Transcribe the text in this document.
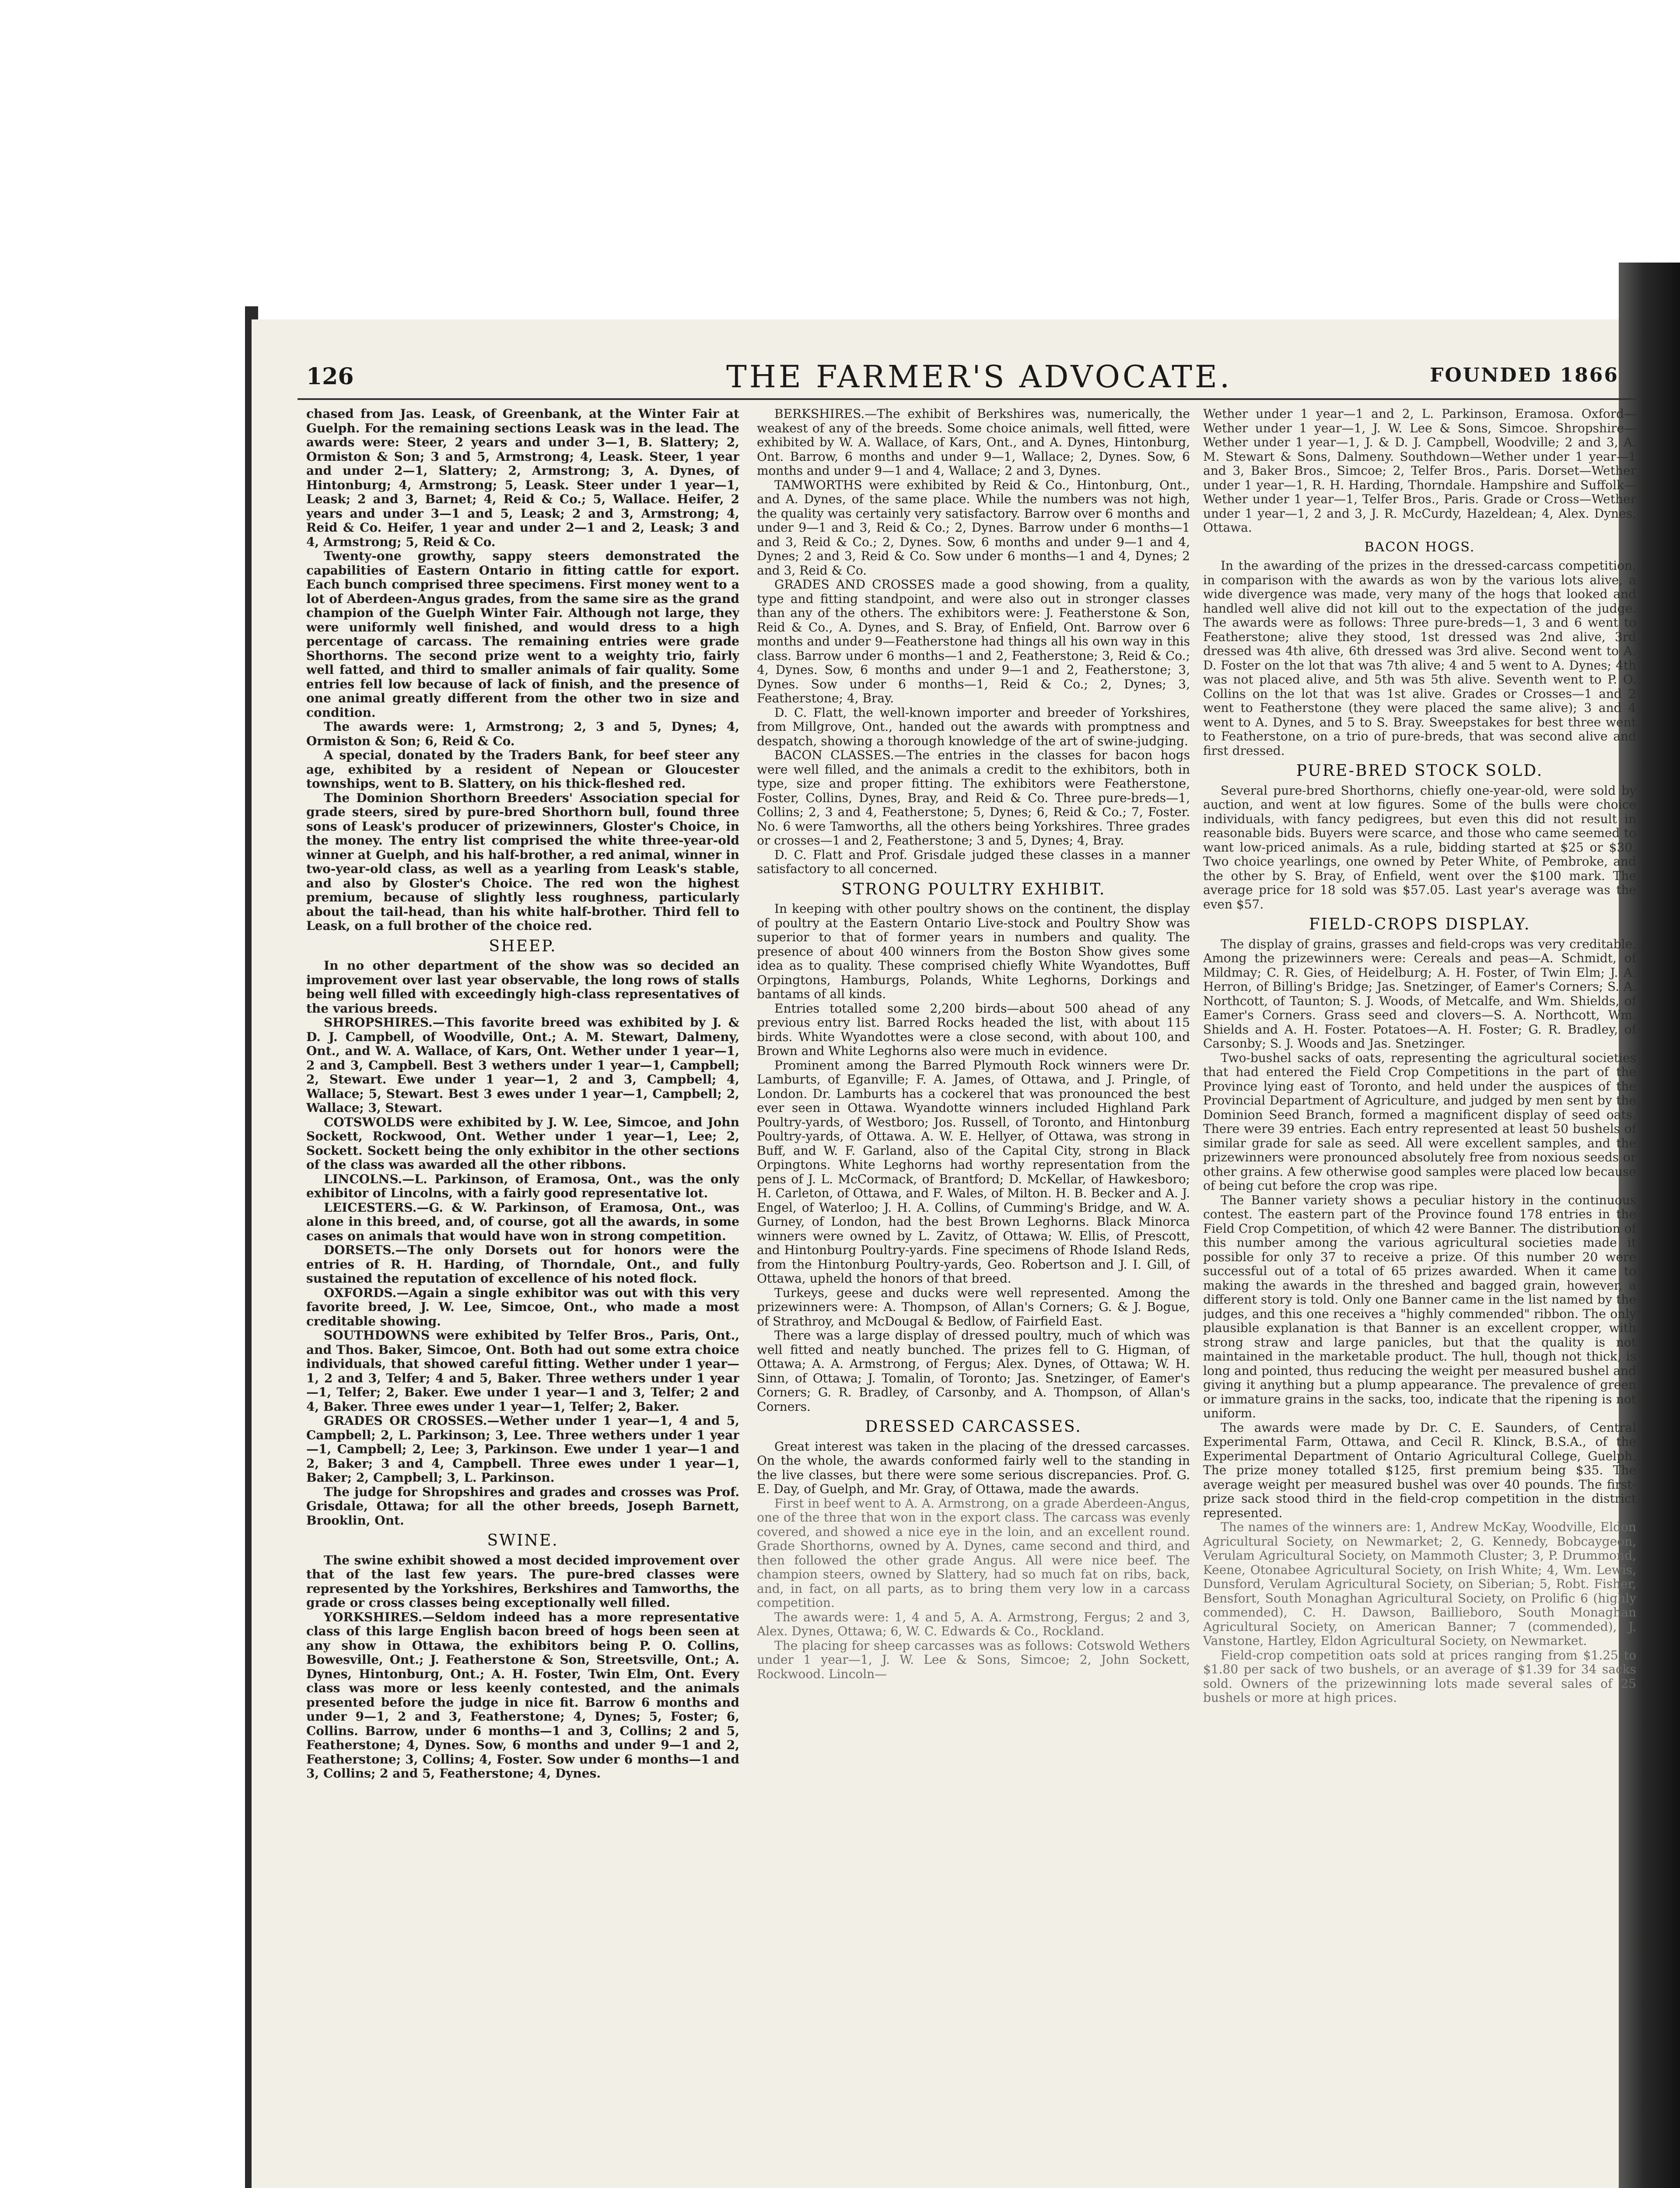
126	THE FARMER'S ADVOCATE.	FOUNDED 1866

chased from Jas. Leask, of Greenbank, at the Winter Fair at Guelph. For the remaining sections Leask was in the lead. The awards were: Steer, 2 years and under 3—1, B. Slattery; 2, Ormiston & Son; 3 and 5, Armstrong; 4, Leask. Steer, 1 year and under 2—1, Slattery; 2, Armstrong; 3, A. Dynes, of Hintonburg; 4, Armstrong; 5, Leask. Steer under 1 year—1, Leask; 2 and 3, Barnet; 4, Reid & Co.; 5, Wallace. Heifer, 2 years and under 3—1 and 5, Leask; 2 and 3, Armstrong; 4, Reid & Co. Heifer, 1 year and under 2—1 and 2, Leask; 3 and 4, Armstrong; 5, Reid & Co.

Twenty-one growthy, sappy steers demonstrated the capabilities of Eastern Ontario in fitting cattle for export. Each bunch comprised three specimens. First money went to a lot of Aberdeen-Angus grades, from the same sire as the grand champion of the Guelph Winter Fair. Although not large, they were uniformly well finished, and would dress to a high percentage of carcass. The remaining entries were grade Shorthorns. The second prize went to a weighty trio, fairly well fatted, and third to smaller animals of fair quality. Some entries fell low because of lack of finish, and the presence of one animal greatly different from the other two in size and condition.

The awards were: 1, Armstrong; 2, 3 and 5, Dynes; 4, Ormiston & Son; 6, Reid & Co.

A special, donated by the Traders Bank, for beef steer any age, exhibited by a resident of Nepean or Gloucester townships, went to B. Slattery, on his thick-fleshed red.

The Dominion Shorthorn Breeders' Association special for grade steers, sired by pure-bred Shorthorn bull, found three sons of Leask's producer of prizewinners, Gloster's Choice, in the money. The entry list comprised the white three-year-old winner at Guelph, and his half-brother, a red animal, winner in two-year-old class, as well as a yearling from Leask's stable, and also by Gloster's Choice. The red won the highest premium, because of slightly less roughness, particularly about the tail-head, than his white half-brother. Third fell to Leask, on a full brother of the choice red.

SHEEP.

In no other department of the show was so decided an improvement over last year observable, the long rows of stalls being well filled with exceedingly high-class representatives of the various breeds.

SHROPSHIRES.—This favorite breed was exhibited by J. & D. J. Campbell, of Woodville, Ont.; A. M. Stewart, Dalmeny, Ont., and W. A. Wallace, of Kars, Ont. Wether under 1 year—1, 2 and 3, Campbell. Best 3 wethers under 1 year—1, Campbell; 2, Stewart. Ewe under 1 year—1, 2 and 3, Campbell; 4, Wallace; 5, Stewart. Best 3 ewes under 1 year—1, Campbell; 2, Wallace; 3, Stewart.

COTSWOLDS were exhibited by J. W. Lee, Simcoe, and John Sockett, Rockwood, Ont. Wether under 1 year—1, Lee; 2, Sockett. Sockett being the only exhibitor in the other sections of the class was awarded all the other ribbons.

LINCOLNS.—L. Parkinson, of Eramosa, Ont., was the only exhibitor of Lincolns, with a fairly good representative lot.

LEICESTERS.—G. & W. Parkinson, of Eramosa, Ont., was alone in this breed, and, of course, got all the awards, in some cases on animals that would have won in strong competition.

DORSETS.—The only Dorsets out for honors were the entries of R. H. Harding, of Thorndale, Ont., and fully sustained the reputation of excellence of his noted flock.

OXFORDS.—Again a single exhibitor was out with this very favorite breed, J. W. Lee, Simcoe, Ont., who made a most creditable showing.

SOUTHDOWNS were exhibited by Telfer Bros., Paris, Ont., and Thos. Baker, Simcoe, Ont. Both had out some extra choice individuals, that showed careful fitting. Wether under 1 year—1, 2 and 3, Telfer; 4 and 5, Baker. Three wethers under 1 year—1, Telfer; 2, Baker. Ewe under 1 year—1 and 3, Telfer; 2 and 4, Baker. Three ewes under 1 year—1, Telfer; 2, Baker.

GRADES OR CROSSES.—Wether under 1 year—1, 4 and 5, Campbell; 2, L. Parkinson; 3, Lee. Three wethers under 1 year—1, Campbell; 2, Lee; 3, Parkinson. Ewe under 1 year—1 and 2, Baker; 3 and 4, Campbell. Three ewes under 1 year—1, Baker; 2, Campbell; 3, L. Parkinson.

The judge for Shropshires and grades and crosses was Prof. Grisdale, Ottawa; for all the other breeds, Joseph Barnett, Brooklin, Ont.

SWINE.

The swine exhibit showed a most decided improvement over that of the last few years. The pure-bred classes were represented by the Yorkshires, Berkshires and Tamworths, the grade or cross classes being exceptionally well filled.

YORKSHIRES.—Seldom indeed has a more representative class of this large English bacon breed of hogs been seen at any show in Ottawa, the exhibitors being P. O. Collins, Bowesville, Ont.; J. Featherstone & Son, Streetsville, Ont.; A. Dynes, Hintonburg, Ont.; A. H. Foster, Twin Elm, Ont. Every class was more or less keenly contested, and the animals presented before the judge in nice fit. Barrow 6 months and under 9—1, 2 and 3, Featherstone; 4, Dynes; 5, Foster; 6, Collins. Barrow, under 6 months—1 and 3, Collins; 2 and 5, Featherstone; 4, Dynes. Sow, 6 months and under 9—1 and 2, Featherstone; 3, Collins; 4, Foster. Sow under 6 months—1 and 3, Collins; 2 and 5, Featherstone; 4, Dynes.

BERKSHIRES.—The exhibit of Berkshires was, numerically, the weakest of any of the breeds. Some choice animals, well fitted, were exhibited by W. A. Wallace, of Kars, Ont., and A. Dynes, Hintonburg, Ont. Barrow, 6 months and under 9—1, Wallace; 2, Dynes. Sow, 6 months and under 9—1 and 4, Wallace; 2 and 3, Dynes.

TAMWORTHS were exhibited by Reid & Co., Hintonburg, Ont., and A. Dynes, of the same place. While the numbers was not high, the quality was certainly very satisfactory. Barrow over 6 months and under 9—1 and 3, Reid & Co.; 2, Dynes. Barrow under 6 months—1 and 3, Reid & Co.; 2, Dynes. Sow, 6 months and under 9—1 and 4, Dynes; 2 and 3, Reid & Co. Sow under 6 months—1 and 4, Dynes; 2 and 3, Reid & Co.

GRADES AND CROSSES made a good showing, from a quality, type and fitting standpoint, and were also out in stronger classes than any of the others. The exhibitors were: J. Featherstone & Son, Reid & Co., A. Dynes, and S. Bray, of Enfield, Ont. Barrow over 6 months and under 9—Featherstone had things all his own way in this class. Barrow under 6 months—1 and 2, Featherstone; 3, Reid & Co.; 4, Dynes. Sow, 6 months and under 9—1 and 2, Featherstone; 3, Dynes. Sow under 6 months—1, Reid & Co.; 2, Dynes; 3, Featherstone; 4, Bray.

D. C. Flatt, the well-known importer and breeder of Yorkshires, from Millgrove, Ont., handed out the awards with promptness and despatch, showing a thorough knowledge of the art of swine-judging.

BACON CLASSES.—The entries in the classes for bacon hogs were well filled, and the animals a credit to the exhibitors, both in type, size and proper fitting. The exhibitors were Featherstone, Foster, Collins, Dynes, Bray, and Reid & Co. Three pure-breds—1, Collins; 2, 3 and 4, Featherstone; 5, Dynes; 6, Reid & Co.; 7, Foster. No. 6 were Tamworths, all the others being Yorkshires. Three grades or crosses—1 and 2, Featherstone; 3 and 5, Dynes; 4, Bray.

D. C. Flatt and Prof. Grisdale judged these classes in a manner satisfactory to all concerned.

STRONG POULTRY EXHIBIT.

In keeping with other poultry shows on the continent, the display of poultry at the Eastern Ontario Live-stock and Poultry Show was superior to that of former years in numbers and quality. The presence of about 400 winners from the Boston Show gives some idea as to quality. These comprised chiefly White Wyandottes, Buff Orpingtons, Hamburgs, Polands, White Leghorns, Dorkings and bantams of all kinds.

Entries totalled some 2,200 birds—about 500 ahead of any previous entry list. Barred Rocks headed the list, with about 115 birds. White Wyandottes were a close second, with about 100, and Brown and White Leghorns also were much in evidence.

Prominent among the Barred Plymouth Rock winners were Dr. Lamburts, of Eganville; F. A. James, of Ottawa, and J. Pringle, of London. Dr. Lamburts has a cockerel that was pronounced the best ever seen in Ottawa. Wyandotte winners included Highland Park Poultry-yards, of Westboro; Jos. Russell, of Toronto, and Hintonburg Poultry-yards, of Ottawa. A. W. E. Hellyer, of Ottawa, was strong in Buff, and W. F. Garland, also of the Capital City, strong in Black Orpingtons. White Leghorns had worthy representation from the pens of J. L. McCormack, of Brantford; D. McKellar, of Hawkesboro; H. Carleton, of Ottawa, and F. Wales, of Milton. H. B. Becker and A. J. Engel, of Waterloo; J. H. A. Collins, of Cumming's Bridge, and W. A. Gurney, of London, had the best Brown Leghorns. Black Minorca winners were owned by L. Zavitz, of Ottawa; W. Ellis, of Prescott, and Hintonburg Poultry-yards. Fine specimens of Rhode Island Reds, from the Hintonburg Poultry-yards, Geo. Robertson and J. I. Gill, of Ottawa, upheld the honors of that breed.

Turkeys, geese and ducks were well represented. Among the prizewinners were: A. Thompson, of Allan's Corners; G. & J. Bogue, of Strathroy, and McDougal & Bedlow, of Fairfield East.

There was a large display of dressed poultry, much of which was well fitted and neatly bunched. The prizes fell to G. Higman, of Ottawa; A. A. Armstrong, of Fergus; Alex. Dynes, of Ottawa; W. H. Sinn, of Ottawa; J. Tomalin, of Toronto; Jas. Snetzinger, of Eamer's Corners; G. R. Bradley, of Carsonby, and A. Thompson, of Allan's Corners.

DRESSED CARCASSES.

Great interest was taken in the placing of the dressed carcasses. On the whole, the awards conformed fairly well to the standing in the live classes, but there were some serious discrepancies. Prof. G. E. Day, of Guelph, and Mr. Gray, of Ottawa, made the awards.

First in beef went to A. A. Armstrong, on a grade Aberdeen-Angus, one of the three that won in the export class. The carcass was evenly covered, and showed a nice eye in the loin, and an excellent round. Grade Shorthorns, owned by A. Dynes, came second and third, and then followed the other grade Angus. All were nice beef. The champion steers, owned by Slattery, had so much fat on ribs, back, and, in fact, on all parts, as to bring them very low in a carcass competition.

The awards were: 1, 4 and 5, A. A. Armstrong, Fergus; 2 and 3, Alex. Dynes, Ottawa; 6, W. C. Edwards & Co., Rockland.

The placing for sheep carcasses was as follows: Cotswold Wethers under 1 year—1, J. W. Lee & Sons, Simcoe; 2, John Sockett, Rockwood. Lincoln—

Wether under 1 year—1 and 2, L. Parkinson, Eramosa. Oxford—Wether under 1 year—1, J. W. Lee & Sons, Simcoe. Shropshire—Wether under 1 year—1, J. & D. J. Campbell, Woodville; 2 and 3, A. M. Stewart & Sons, Dalmeny. Southdown—Wether under 1 year—1 and 3, Baker Bros., Simcoe; 2, Telfer Bros., Paris. Dorset—Wether under 1 year—1, R. H. Harding, Thorndale. Hampshire and Suffolk—Wether under 1 year—1, Telfer Bros., Paris. Grade or Cross—Wether under 1 year—1, 2 and 3, J. R. McCurdy, Hazeldean; 4, Alex. Dynes, Ottawa.

BACON HOGS.

In the awarding of the prizes in the dressed-carcass competition, in comparison with the awards as won by the various lots alive, a wide divergence was made, very many of the hogs that looked and handled well alive did not kill out to the expectation of the judge. The awards were as follows: Three pure-breds—1, 3 and 6 went to Featherstone; alive they stood, 1st dressed was 2nd alive, 3rd dressed was 4th alive, 6th dressed was 3rd alive. Second went to A. D. Foster on the lot that was 7th alive; 4 and 5 went to A. Dynes; 4th was not placed alive, and 5th was 5th alive. Seventh went to P. O. Collins on the lot that was 1st alive. Grades or Crosses—1 and 2 went to Featherstone (they were placed the same alive); 3 and 4 went to A. Dynes, and 5 to S. Bray. Sweepstakes for best three went to Featherstone, on a trio of pure-breds, that was second alive and first dressed.

PURE-BRED STOCK SOLD.

Several pure-bred Shorthorns, chiefly one-year-old, were sold by auction, and went at low figures. Some of the bulls were choice individuals, with fancy pedigrees, but even this did not result in reasonable bids. Buyers were scarce, and those who came seemed to want low-priced animals. As a rule, bidding started at $25 or $30. Two choice yearlings, one owned by Peter White, of Pembroke, and the other by S. Bray, of Enfield, went over the $100 mark. The average price for 18 sold was $57.05. Last year's average was the even $57.

FIELD-CROPS DISPLAY.

The display of grains, grasses and field-crops was very creditable. Among the prizewinners were: Cereals and peas—A. Schmidt, of Mildmay; C. R. Gies, of Heidelburg; A. H. Foster, of Twin Elm; J. A. Herron, of Billing's Bridge; Jas. Snetzinger, of Eamer's Corners; S. A. Northcott, of Taunton; S. J. Woods, of Metcalfe, and Wm. Shields, of Eamer's Corners. Grass seed and clovers—S. A. Northcott, Wm. Shields and A. H. Foster. Potatoes—A. H. Foster; G. R. Bradley, of Carsonby; S. J. Woods and Jas. Snetzinger.

Two-bushel sacks of oats, representing the agricultural societies that had entered the Field Crop Competitions in the part of the Province lying east of Toronto, and held under the auspices of the Provincial Department of Agriculture, and judged by men sent by the Dominion Seed Branch, formed a magnificent display of seed oats. There were 39 entries. Each entry represented at least 50 bushels of similar grade for sale as seed. All were excellent samples, and the prizewinners were pronounced absolutely free from noxious seeds or other grains. A few otherwise good samples were placed low because of being cut before the crop was ripe.

The Banner variety shows a peculiar history in the continuous contest. The eastern part of the Province found 178 entries in the Field Crop Competition, of which 42 were Banner. The distribution of this number among the various agricultural societies made it possible for only 37 to receive a prize. Of this number 20 were successful out of a total of 65 prizes awarded. When it came to making the awards in the threshed and bagged grain, however, a different story is told. Only one Banner came in the list named by the judges, and this one receives a "highly commended" ribbon. The only plausible explanation is that Banner is an excellent cropper, with strong straw and large panicles, but that the quality is not maintained in the marketable product. The hull, though not thick, is long and pointed, thus reducing the weight per measured bushel and giving it anything but a plump appearance. The prevalence of green or immature grains in the sacks, too, indicate that the ripening is not uniform.

The awards were made by Dr. C. E. Saunders, of Central Experimental Farm, Ottawa, and Cecil R. Klinck, B.S.A., of the Experimental Department of Ontario Agricultural College, Guelph. The prize money totalled $125, first premium being $35. The average weight per measured bushel was over 40 pounds. The first-prize sack stood third in the field-crop competition in the district represented.

The names of the winners are: 1, Andrew McKay, Woodville, Eldon Agricultural Society, on Newmarket; 2, G. Kennedy, Bobcaygeon, Verulam Agricultural Society, on Mammoth Cluster; 3, P. Drummond, Keene, Otonabee Agricultural Society, on Irish White; 4, Wm. Lewis, Dunsford, Verulam Agricultural Society, on Siberian; 5, Robt. Fisher, Bensfort, South Monaghan Agricultural Society, on Prolific 6 (highly commended), C. H. Dawson, Baillieboro, South Monaghan Agricultural Society, on American Banner; 7 (commended), J. Vanstone, Hartley, Eldon Agricultural Society, on Newmarket.

Field-crop competition oats sold at prices ranging from $1.25 to $1.80 per sack of two bushels, or an average of $1.39 for 34 sacks sold. Owners of the prizewinning lots made several sales of 25 bushels or more at high prices.
